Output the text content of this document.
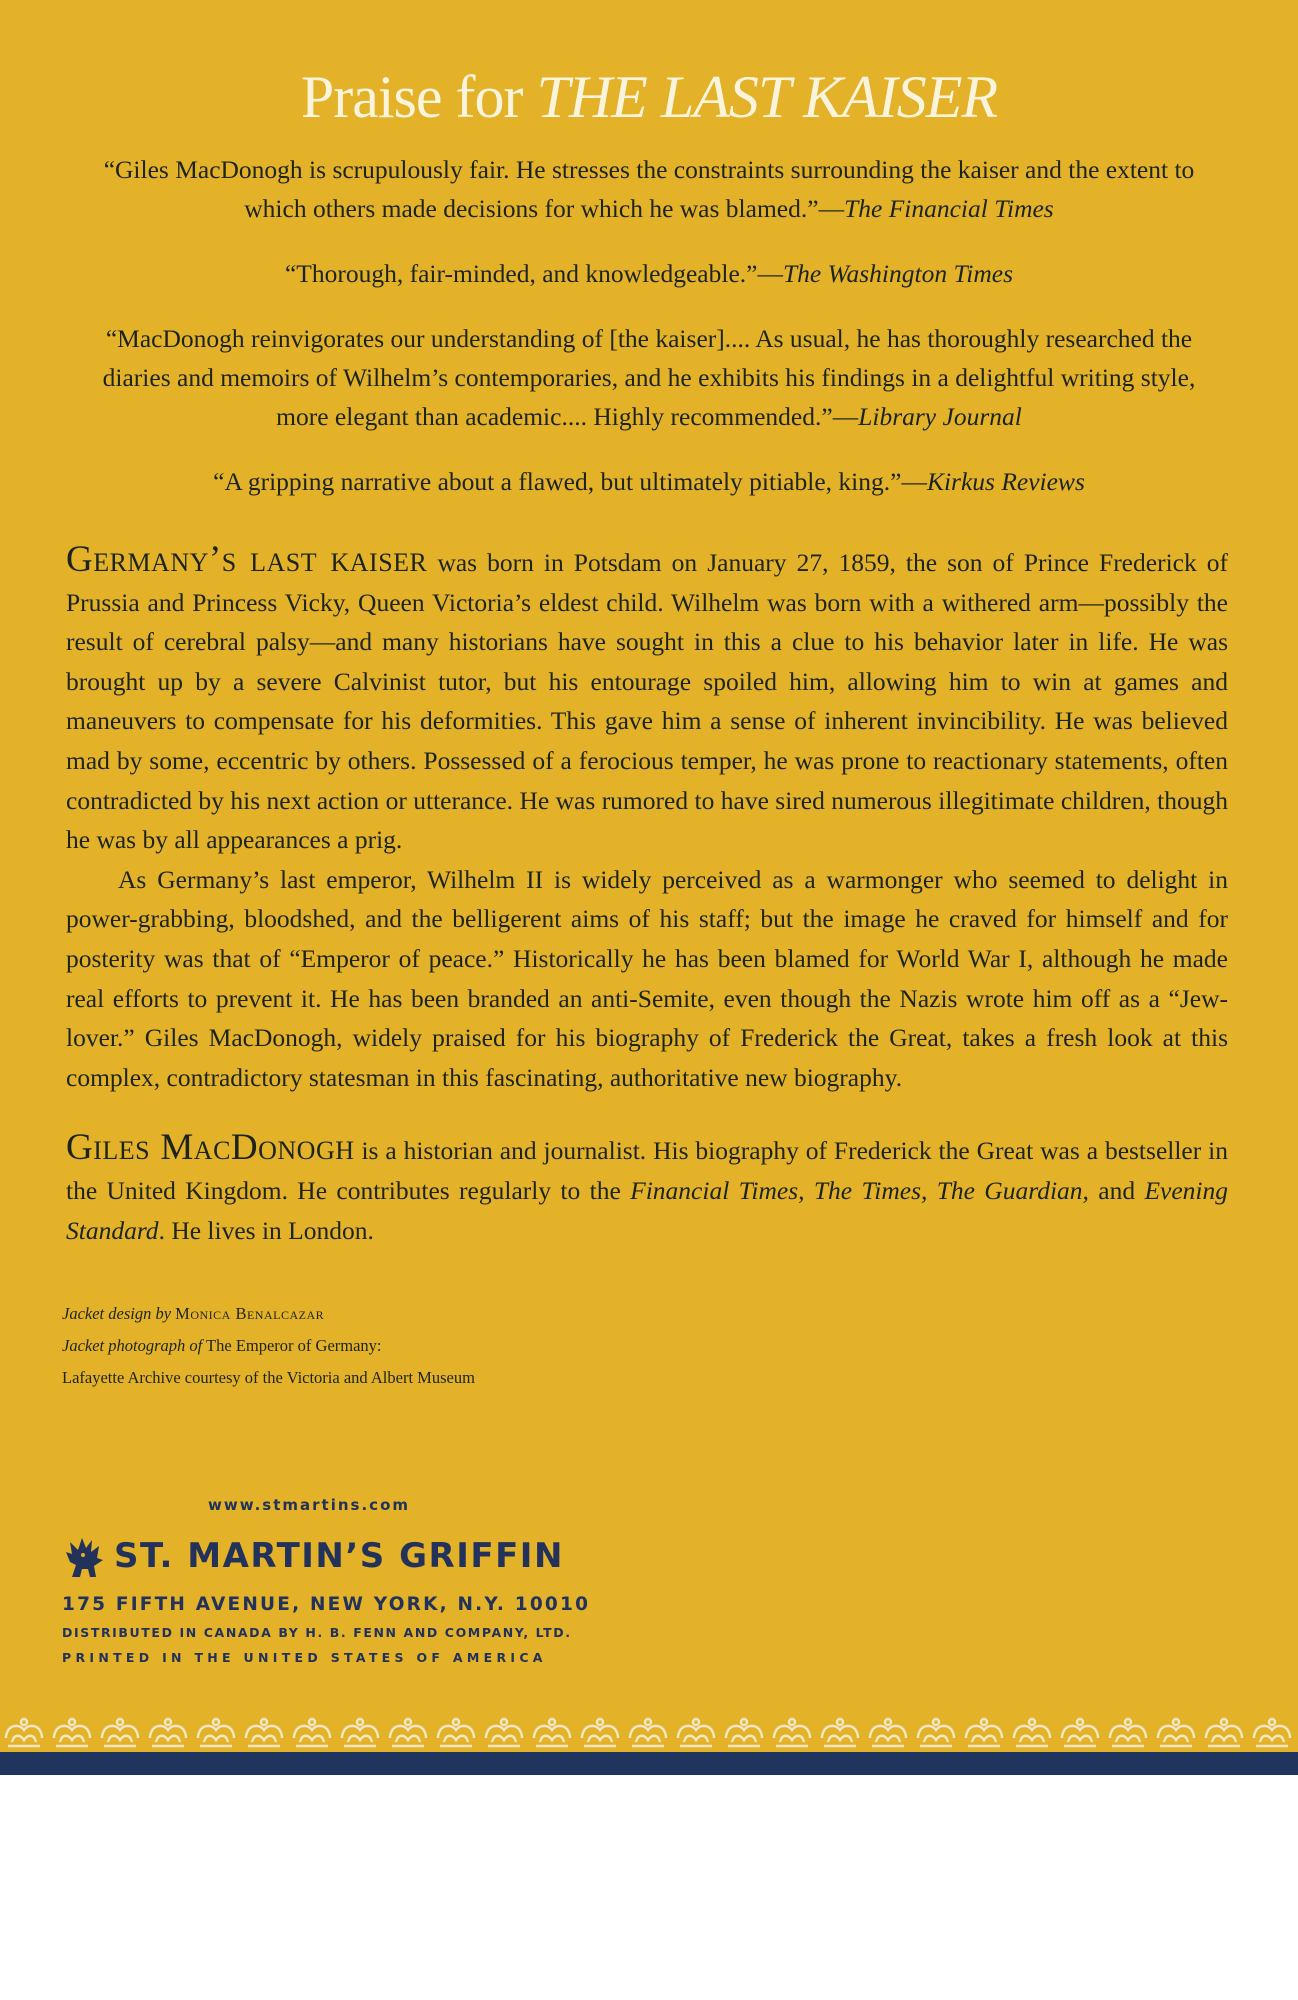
Praise for THE LAST KAISER

“Giles MacDonogh is scrupulously fair. He stresses the constraints surrounding the kaiser and the extent to which others made decisions for which he was blamed.”—The Financial Times

“Thorough, fair-minded, and knowledgeable.”—The Washington Times

“MacDonogh reinvigorates our understanding of [the kaiser].... As usual, he has thoroughly researched the diaries and memoirs of Wilhelm’s contemporaries, and he exhibits his findings in a delightful writing style, more elegant than academic.... Highly recommended.”—Library Journal

“A gripping narrative about a flawed, but ultimately pitiable, king.”—Kirkus Reviews

Germany’s last kaiser was born in Potsdam on January 27, 1859, the son of Prince Frederick of Prussia and Princess Vicky, Queen Victoria’s eldest child. Wilhelm was born with a withered arm—possibly the result of cerebral palsy—and many historians have sought in this a clue to his behavior later in life. He was brought up by a severe Calvinist tutor, but his entourage spoiled him, allowing him to win at games and maneuvers to compensate for his deformities. This gave him a sense of inherent invincibility. He was believed mad by some, eccentric by others. Possessed of a ferocious temper, he was prone to reactionary statements, often contradicted by his next action or utterance. He was rumored to have sired numerous illegitimate children, though he was by all appearances a prig.

As Germany’s last emperor, Wilhelm II is widely perceived as a warmonger who seemed to delight in power-grabbing, bloodshed, and the belligerent aims of his staff; but the image he craved for himself and for posterity was that of “Emperor of peace.” Historically he has been blamed for World War I, although he made real efforts to prevent it. He has been branded an anti-Semite, even though the Nazis wrote him off as a “Jew-lover.” Giles MacDonogh, widely praised for his biography of Frederick the Great, takes a fresh look at this complex, contradictory statesman in this fascinating, authoritative new biography.

Giles MacDonogh is a historian and journalist. His biography of Frederick the Great was a bestseller in the United Kingdom. He contributes regularly to the Financial Times, The Times, The Guardian, and Evening Standard. He lives in London.

Jacket design by Monica Benalcazar
Jacket photograph of The Emperor of Germany:
Lafayette Archive courtesy of the Victoria and Albert Museum
www.stmartins.com
ST. MARTIN’S GRIFFIN
175 FIFTH AVENUE, NEW YORK, N.Y. 10010
DISTRIBUTED IN CANADA BY H. B. FENN AND COMPANY, LTD.
PRINTED IN THE UNITED STATES OF AMERICA
